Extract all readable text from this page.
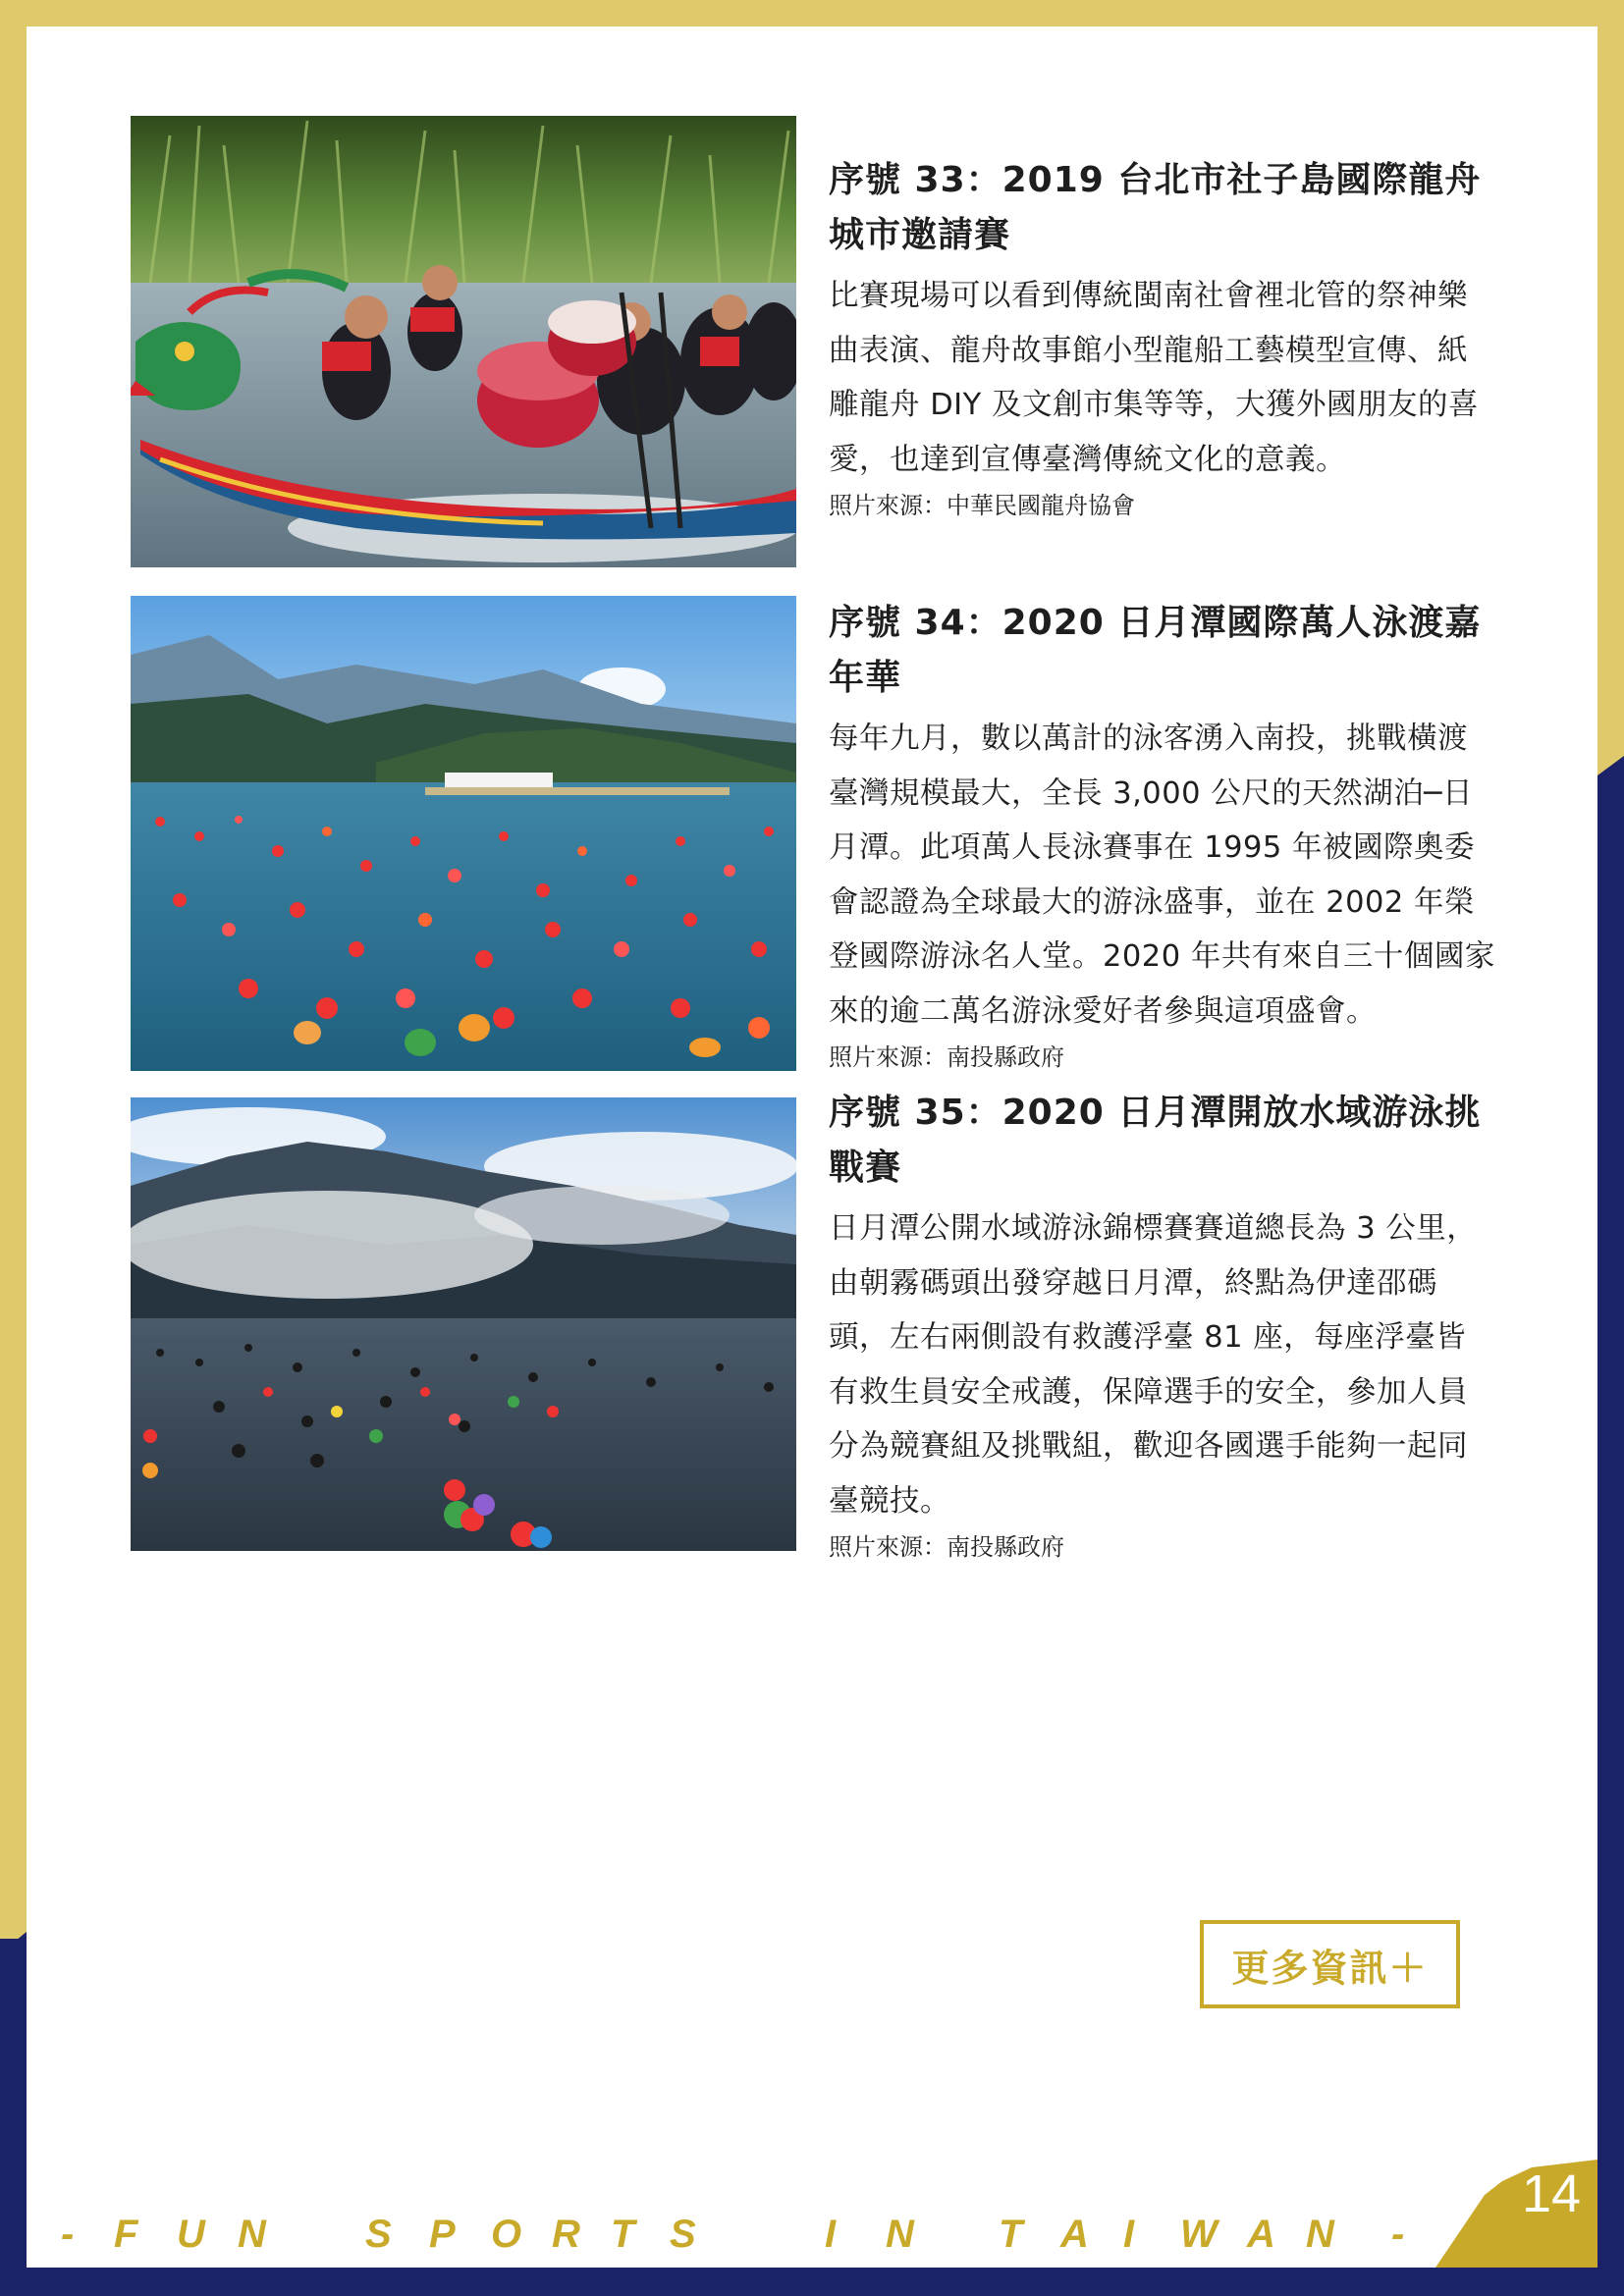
序號 33：2019 台北市社子島國際龍舟城市邀請賽

比賽現場可以看到傳統閩南社會裡北管的祭神樂曲表演、龍舟故事館小型龍船工藝模型宣傳、紙雕龍舟 DIY 及文創市集等等，大獲外國朋友的喜愛，也達到宣傳臺灣傳統文化的意義。

照片來源：中華民國龍舟協會

序號 34：2020 日月潭國際萬人泳渡嘉年華

每年九月，數以萬計的泳客湧入南投，挑戰橫渡臺灣規模最大，全長 3,000 公尺的天然湖泊─日月潭。此項萬人長泳賽事在 1995 年被國際奧委會認證為全球最大的游泳盛事，並在 2002 年榮登國際游泳名人堂。2020 年共有來自三十個國家來的逾二萬名游泳愛好者參與這項盛會。

照片來源：南投縣政府

序號 35：2020 日月潭開放水域游泳挑戰賽

日月潭公開水域游泳錦標賽賽道總長為 3 公里，由朝霧碼頭出發穿越日月潭，終點為伊達邵碼頭，左右兩側設有救護浮臺 81 座，每座浮臺皆有救生員安全戒護，保障選手的安全，參加人員分為競賽組及挑戰組，歡迎各國選手能夠一起同臺競技。

照片來源：南投縣政府

更多資訊＋
- F U N	S P O R T S	I N T A I W A N -
14
